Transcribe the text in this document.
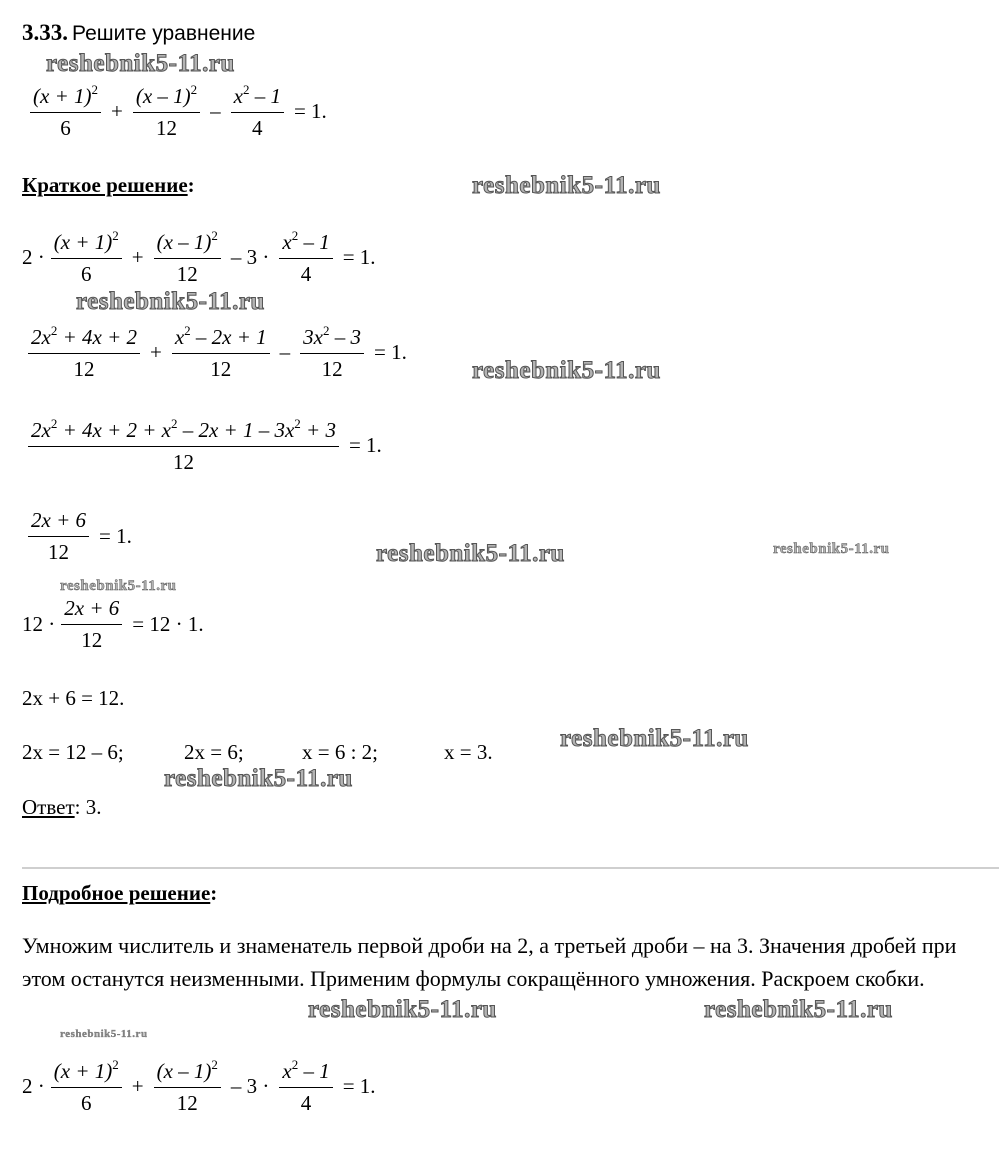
3.33. Решите уравнение
reshebnik5-11.ru
$\frac{(x + 1)^2}{6} + \frac{(x - 1)^2}{12} - \frac{x^2 - 1}{4} = 1$.
Краткое решение:	reshebnik5-11.ru
$2 \cdot \frac{(x + 1)^2}{6} + \frac{(x - 1)^2}{12} - 3 \cdot \frac{x^2 - 1}{4} = 1$.
reshebnik5-11.ru
$\frac{2x^2 + 4x + 2}{12} + \frac{x^2 - 2x + 1}{12} - \frac{3x^2 - 3}{12} = 1$.
reshebnik5-11.ru
$\frac{2x^2 + 4x + 2 + x^2 - 2x + 1 - 3x^2 + 3}{12} = 1$.
$\frac{2x + 6}{12} = 1$.
reshebnik5-11.ru	reshebnik5-11.ru
reshebnik5-11.ru
$12 \cdot \frac{2x + 6}{12} = 12 \cdot 1$.
2x + 6 = 12.
2x = 12 – 6;	2x = 6;	x = 6 : 2;	x = 3.	reshebnik5-11.ru
reshebnik5-11.ru
Ответ: 3.
Подробное решение:
Умножим числитель и знаменатель первой дроби на 2, а третьей дроби – на 3. Значения дробей при этом останутся неизменными. Применим формулы сокращённого умножения. Раскроем скобки.
reshebnik5-11.ru	reshebnik5-11.ru
reshebnik5-11.ru
$2 \cdot \frac{(x + 1)^2}{6} + \frac{(x - 1)^2}{12} - 3 \cdot \frac{x^2 - 1}{4} = 1$.
